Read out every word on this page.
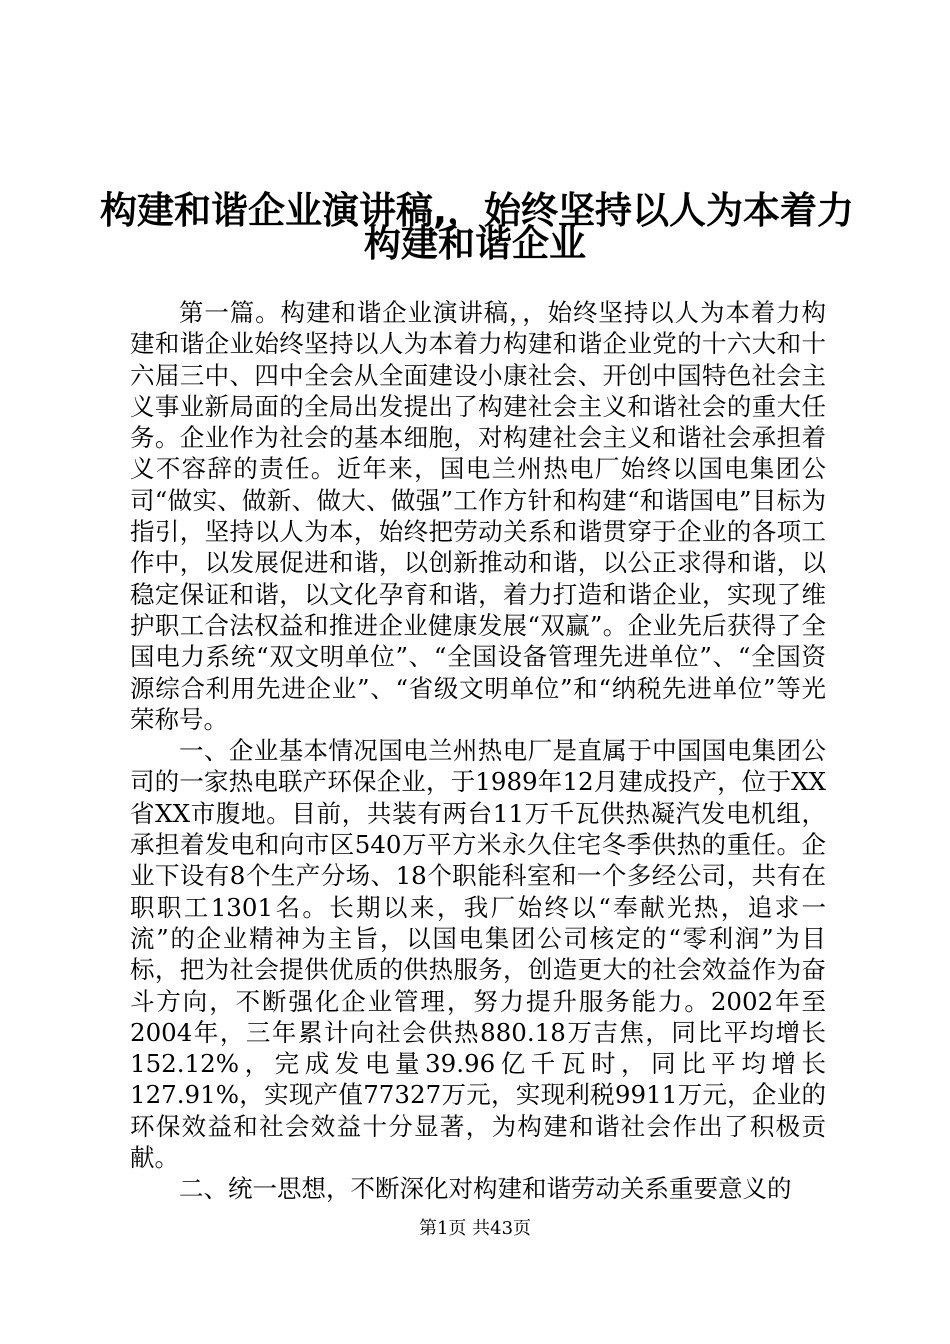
构建和谐企业演讲稿,，始终坚持以人为本着力
构建和谐企业

第一篇。构建和谐企业演讲稿，，始终坚持以人为本着力构建和谐企业始终坚持以人为本着力构建和谐企业党的十六大和十六届三中、四中全会从全面建设小康社会、开创中国特色社会主义事业新局面的全局出发提出了构建社会主义和谐社会的重大任务。企业作为社会的基本细胞，对构建社会主义和谐社会承担着义不容辞的责任。近年来，国电兰州热电厂始终以国电集团公司“做实、做新、做大、做强”工作方针和构建“和谐国电”目标为指引，坚持以人为本，始终把劳动关系和谐贯穿于企业的各项工作中，以发展促进和谐，以创新推动和谐，以公正求得和谐，以稳定保证和谐，以文化孕育和谐，着力打造和谐企业，实现了维护职工合法权益和推进企业健康发展“双赢”。企业先后获得了全国电力系统“双文明单位”、“全国设备管理先进单位”、“全国资源综合利用先进企业”、“省级文明单位”和“纳税先进单位”等光荣称号。

一、企业基本情况国电兰州热电厂是直属于中国国电集团公司的一家热电联产环保企业，于1989年12月建成投产，位于XX省XX市腹地。目前，共装有两台11万千瓦供热凝汽发电机组，承担着发电和向市区540万平方米永久住宅冬季供热的重任。企业下设有8个生产分场、18个职能科室和一个多经公司，共有在职职工1301名。长期以来，我厂始终以“奉献光热，追求一流”的企业精神为主旨，以国电集团公司核定的“零利润”为目标，把为社会提供优质的供热服务，创造更大的社会效益作为奋斗方向，不断强化企业管理，努力提升服务能力。2002年至2004年，三年累计向社会供热880.18万吉焦，同比平均增长152.12%，完成发电量39.96亿千瓦时，同比平均增长127.91%，实现产值77327万元，实现利税9911万元，企业的环保效益和社会效益十分显著，为构建和谐社会作出了积极贡献。

二、统一思想，不断深化对构建和谐劳动关系重要意义的

第1页 共43页
